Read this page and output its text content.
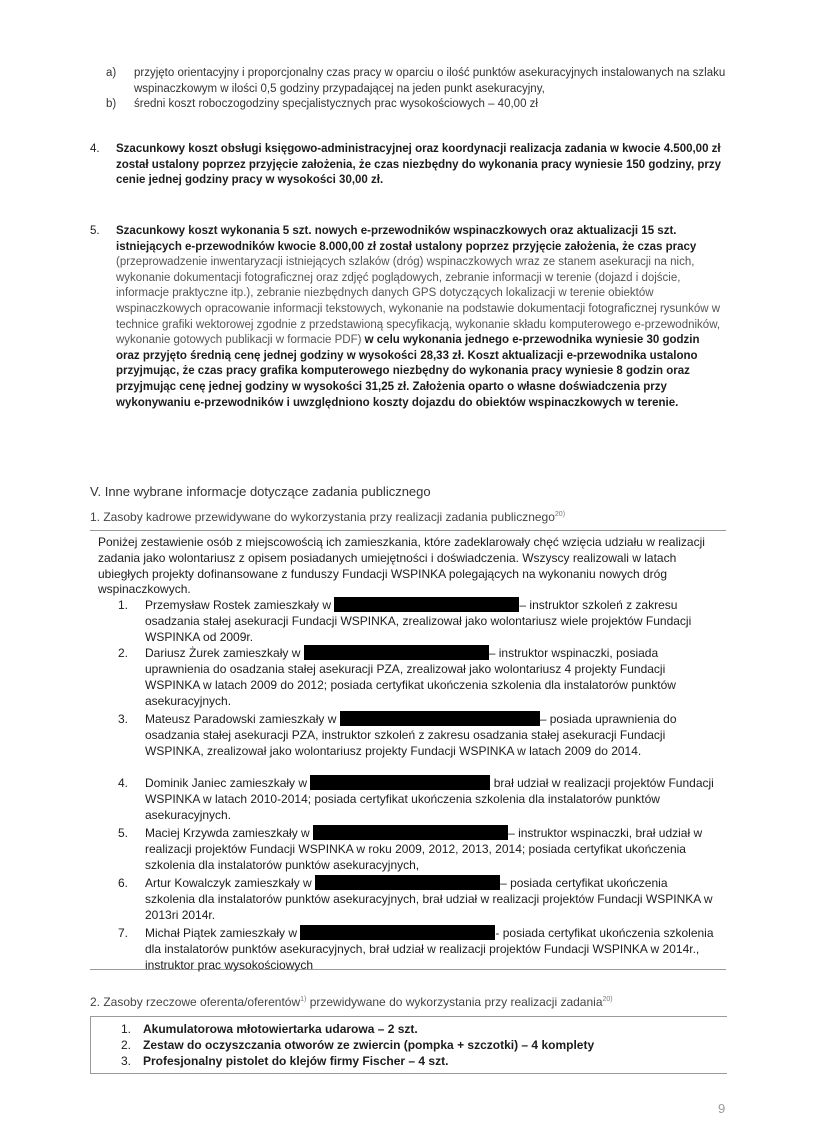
a) przyjęto orientacyjny i proporcjonalny czas pracy w oparciu o ilość punktów asekuracyjnych instalowanych na szlaku wspinaczkowym w ilości 0,5 godziny przypadającej na jeden punkt asekuracyjny,
b) średni koszt roboczogodziny specjalistycznych prac wysokościowych – 40,00 zł
4. Szacunkowy koszt obsługi księgowo-administracyjnej oraz koordynacji realizacja zadania w kwocie 4.500,00 zł został ustalony poprzez przyjęcie założenia, że czas niezbędny do wykonania pracy wyniesie 150 godziny, przy cenie jednej godziny pracy w wysokości 30,00 zł.
5. Szacunkowy koszt wykonania 5 szt. nowych e-przewodników wspinaczkowych oraz aktualizacji 15 szt. istniejących e-przewodników kwocie 8.000,00 zł został ustalony poprzez przyjęcie założenia, że czas pracy (przeprowadzenie inwentaryzacji istniejących szlaków (dróg) wspinaczkowych wraz ze stanem asekuracji na nich, wykonanie dokumentacji fotograficznej oraz zdjęć poglądowych, zebranie informacji w terenie (dojazd i dojście, informacje praktyczne itp.), zebranie niezbędnych danych GPS dotyczących lokalizacji w terenie obiektów wspinaczkowych opracowanie informacji tekstowych, wykonanie na podstawie dokumentacji fotograficznej rysunków w technice grafiki wektorowej zgodnie z przedstawioną specyfikacją, wykonanie składu komputerowego e-przewodników, wykonanie gotowych publikacji w formacie PDF) w celu wykonania jednego e-przewodnika wyniesie 30 godzin oraz przyjęto średnią cenę jednej godziny w wysokości 28,33 zł. Koszt aktualizacji e-przewodnika ustalono przyjmując, że czas pracy grafika komputerowego niezbędny do wykonania pracy wyniesie 8 godzin oraz przyjmując cenę jednej godziny w wysokości 31,25 zł. Założenia oparto o własne doświadczenia przy wykonywaniu e-przewodników i uwzględniono koszty dojazdu do obiektów wspinaczkowych w terenie.
V. Inne wybrane informacje dotyczące zadania publicznego
1. Zasoby kadrowe przewidywane do wykorzystania przy realizacji zadania publicznego$^{20)}$
Poniżej zestawienie osób z miejscowością ich zamieszkania, które zadeklarowały chęć wzięcia udziału w realizacji zadania jako wolontariusz z opisem posiadanych umiejętności i doświadczenia. Wszyscy realizowali w latach ubiegłych projekty dofinansowane z funduszy Fundacji WSPINKA polegających na wykonaniu nowych dróg wspinaczkowych.
1. Przemysław Rostek zamieszkały w	– instruktor szkoleń z zakresu osadzania stałej asekuracji Fundacji WSPINKA, zrealizował jako wolontariusz wiele projektów Fundacji WSPINKA od 2009r.
2. Dariusz Żurek zamieszkały w	– instruktor wspinaczki, posiada uprawnienia do osadzania stałej asekuracji PZA, zrealizował jako wolontariusz 4 projekty Fundacji WSPINKA w latach 2009 do 2012; posiada certyfikat ukończenia szkolenia dla instalatorów punktów asekuracyjnych.
3. Mateusz Paradowski zamieszkały w	– posiada uprawnienia do osadzania stałej asekuracji PZA, instruktor szkoleń z zakresu osadzania stałej asekuracji Fundacji WSPINKA, zrealizował jako wolontariusz projekty Fundacji WSPINKA w latach 2009 do 2014.
4. Dominik Janiec zamieszkały w	brał udział w realizacji projektów Fundacji WSPINKA w latach 2010-2014; posiada certyfikat ukończenia szkolenia dla instalatorów punktów asekuracyjnych.
5. Maciej Krzywda zamieszkały w	– instruktor wspinaczki, brał udział w realizacji projektów Fundacji WSPINKA w roku 2009, 2012, 2013, 2014; posiada certyfikat ukończenia szkolenia dla instalatorów punktów asekuracyjnych,
6. Artur Kowalczyk zamieszkały w	– posiada certyfikat ukończenia szkolenia dla instalatorów punktów asekuracyjnych, brał udział w realizacji projektów Fundacji WSPINKA w 2013ri 2014r.
7. Michał Piątek zamieszkały w	- posiada certyfikat ukończenia szkolenia dla instalatorów punktów asekuracyjnych, brał udział w realizacji projektów Fundacji WSPINKA w 2014r., instruktor prac wysokościowych
2. Zasoby rzeczowe oferenta/oferentów$^{1)}$ przewidywane do wykorzystania przy realizacji zadania$^{20)}$
1. Akumulatorowa młotowiertarka udarowa – 2 szt.
2. Zestaw do oczyszczania otworów ze zwiercin (pompka + szczotki) – 4 komplety
3. Profesjonalny pistolet do klejów firmy Fischer – 4 szt.
9
